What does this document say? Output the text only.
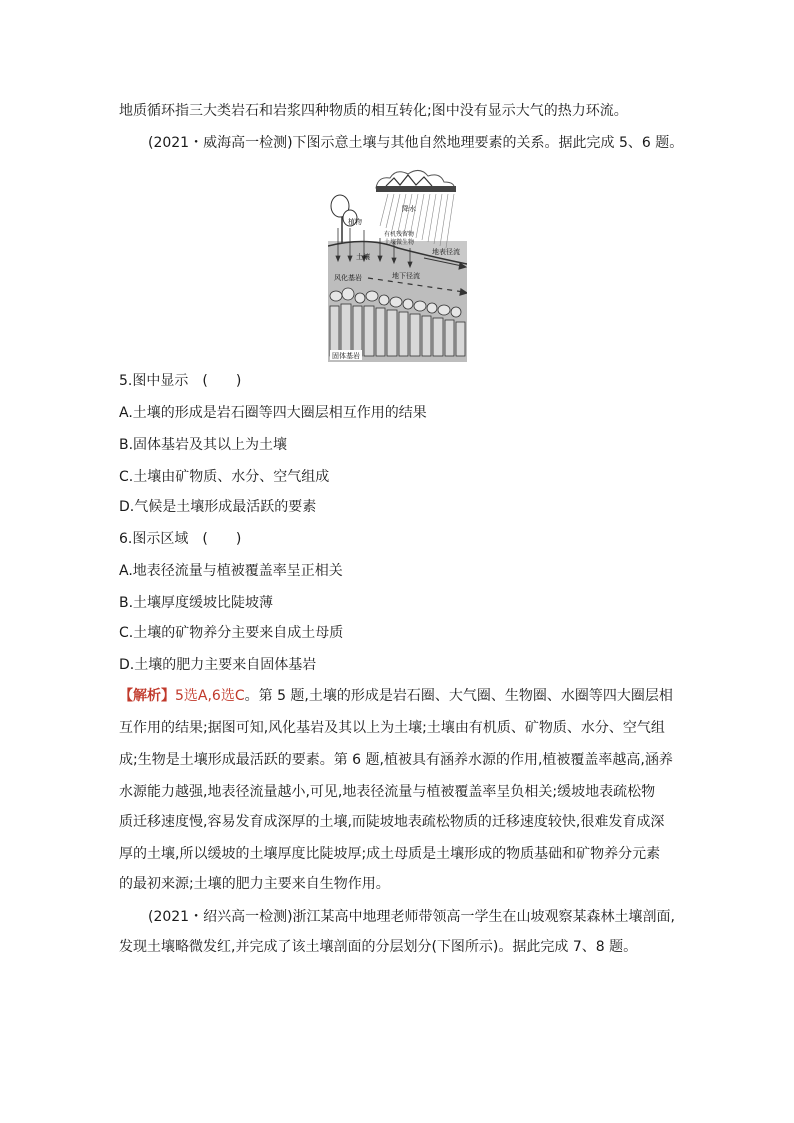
地质循环指三大类岩石和岩浆四种物质的相互转化;图中没有显示大气的热力环流。
(2021・威海高一检测)下图示意土壤与其他自然地理要素的关系。据此完成 5、6 题。
降水
植物
有机残留物
土壤微生物
土壤
地表径流
风化基岩	地下径流
固体基岩
5.图中显示　(　　)
A.土壤的形成是岩石圈等四大圈层相互作用的结果
B.固体基岩及其以上为土壤
C.土壤由矿物质、水分、空气组成
D.气候是土壤形成最活跃的要素
6.图示区域　(　　)
A.地表径流量与植被覆盖率呈正相关
B.土壤厚度缓坡比陡坡薄
C.土壤的矿物养分主要来自成土母质
D.土壤的肥力主要来自固体基岩
【解析】5选A,6选C。第 5 题,土壤的形成是岩石圈、大气圈、生物圈、水圈等四大圈层相
互作用的结果;据图可知,风化基岩及其以上为土壤;土壤由有机质、矿物质、水分、空气组
成;生物是土壤形成最活跃的要素。第 6 题,植被具有涵养水源的作用,植被覆盖率越高,涵养
水源能力越强,地表径流量越小,可见,地表径流量与植被覆盖率呈负相关;缓坡地表疏松物
质迁移速度慢,容易发育成深厚的土壤,而陡坡地表疏松物质的迁移速度较快,很难发育成深
厚的土壤,所以缓坡的土壤厚度比陡坡厚;成土母质是土壤形成的物质基础和矿物养分元素
的最初来源;土壤的肥力主要来自生物作用。
(2021・绍兴高一检测)浙江某高中地理老师带领高一学生在山坡观察某森林土壤剖面,
发现土壤略微发红,并完成了该土壤剖面的分层划分(下图所示)。据此完成 7、8 题。
